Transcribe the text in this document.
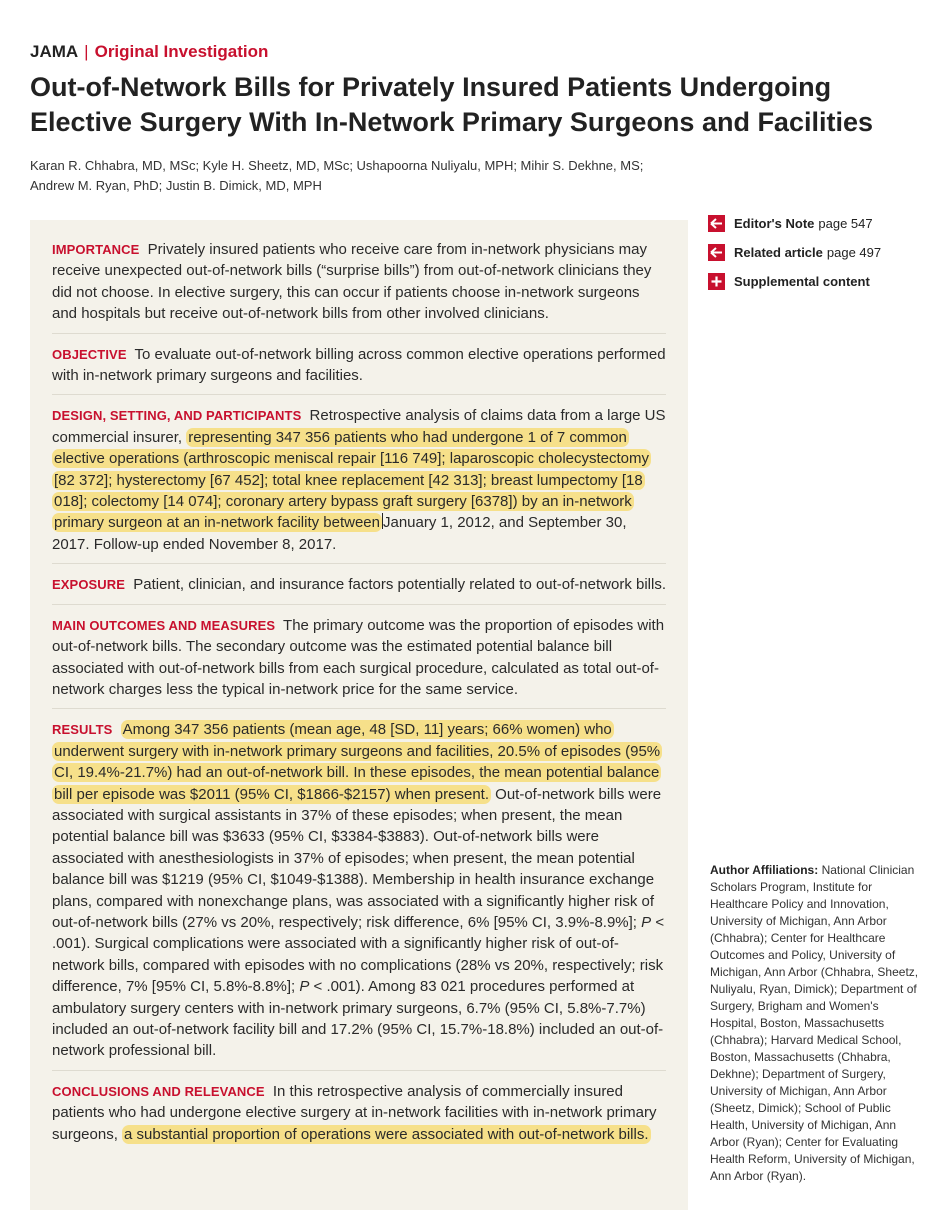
JAMA | Original Investigation
Out-of-Network Bills for Privately Insured Patients Undergoing Elective Surgery With In-Network Primary Surgeons and Facilities
Karan R. Chhabra, MD, MSc; Kyle H. Sheetz, MD, MSc; Ushapoorna Nuliyalu, MPH; Mihir S. Dekhne, MS;
Andrew M. Ryan, PhD; Justin B. Dimick, MD, MPH
IMPORTANCE Privately insured patients who receive care from in-network physicians may receive unexpected out-of-network bills (“surprise bills”) from out-of-network clinicians they did not choose. In elective surgery, this can occur if patients choose in-network surgeons and hospitals but receive out-of-network bills from other involved clinicians.
OBJECTIVE To evaluate out-of-network billing across common elective operations performed with in-network primary surgeons and facilities.
DESIGN, SETTING, AND PARTICIPANTS Retrospective analysis of claims data from a large US commercial insurer, representing 347 356 patients who had undergone 1 of 7 common elective operations (arthroscopic meniscal repair [116 749]; laparoscopic cholecystectomy [82 372]; hysterectomy [67 452]; total knee replacement [42 313]; breast lumpectomy [18 018]; colectomy [14 074]; coronary artery bypass graft surgery [6378]) by an in-network primary surgeon at an in-network facility between January 1, 2012, and September 30, 2017. Follow-up ended November 8, 2017.
EXPOSURE Patient, clinician, and insurance factors potentially related to out-of-network bills.
MAIN OUTCOMES AND MEASURES The primary outcome was the proportion of episodes with out-of-network bills. The secondary outcome was the estimated potential balance bill associated with out-of-network bills from each surgical procedure, calculated as total out-of-network charges less the typical in-network price for the same service.
RESULTS Among 347 356 patients (mean age, 48 [SD, 11] years; 66% women) who underwent surgery with in-network primary surgeons and facilities, 20.5% of episodes (95% CI, 19.4%-21.7%) had an out-of-network bill. In these episodes, the mean potential balance bill per episode was $2011 (95% CI, $1866-$2157) when present. Out-of-network bills were associated with surgical assistants in 37% of these episodes; when present, the mean potential balance bill was $3633 (95% CI, $3384-$3883). Out-of-network bills were associated with anesthesiologists in 37% of episodes; when present, the mean potential balance bill was $1219 (95% CI, $1049-$1388). Membership in health insurance exchange plans, compared with nonexchange plans, was associated with a significantly higher risk of out-of-network bills (27% vs 20%, respectively; risk difference, 6% [95% CI, 3.9%-8.9%]; P < .001). Surgical complications were associated with a significantly higher risk of out-of-network bills, compared with episodes with no complications (28% vs 20%, respectively; risk difference, 7% [95% CI, 5.8%-8.8%]; P < .001). Among 83 021 procedures performed at ambulatory surgery centers with in-network primary surgeons, 6.7% (95% CI, 5.8%-7.7%) included an out-of-network facility bill and 17.2% (95% CI, 15.7%-18.8%) included an out-of-network professional bill.
CONCLUSIONS AND RELEVANCE In this retrospective analysis of commercially insured patients who had undergone elective surgery at in-network facilities with in-network primary surgeons, a substantial proportion of operations were associated with out-of-network bills.
Editor's Note page 547
Related article page 497
Supplemental content
Author Affiliations: National Clinician Scholars Program, Institute for Healthcare Policy and Innovation, University of Michigan, Ann Arbor (Chhabra); Center for Healthcare Outcomes and Policy, University of Michigan, Ann Arbor (Chhabra, Sheetz, Nuliyalu, Ryan, Dimick); Department of Surgery, Brigham and Women's Hospital, Boston, Massachusetts (Chhabra); Harvard Medical School, Boston, Massachusetts (Chhabra, Dekhne); Department of Surgery, University of Michigan, Ann Arbor (Sheetz, Dimick); School of Public Health, University of Michigan, Ann Arbor (Ryan); Center for Evaluating Health Reform, University of Michigan, Ann Arbor (Ryan).
